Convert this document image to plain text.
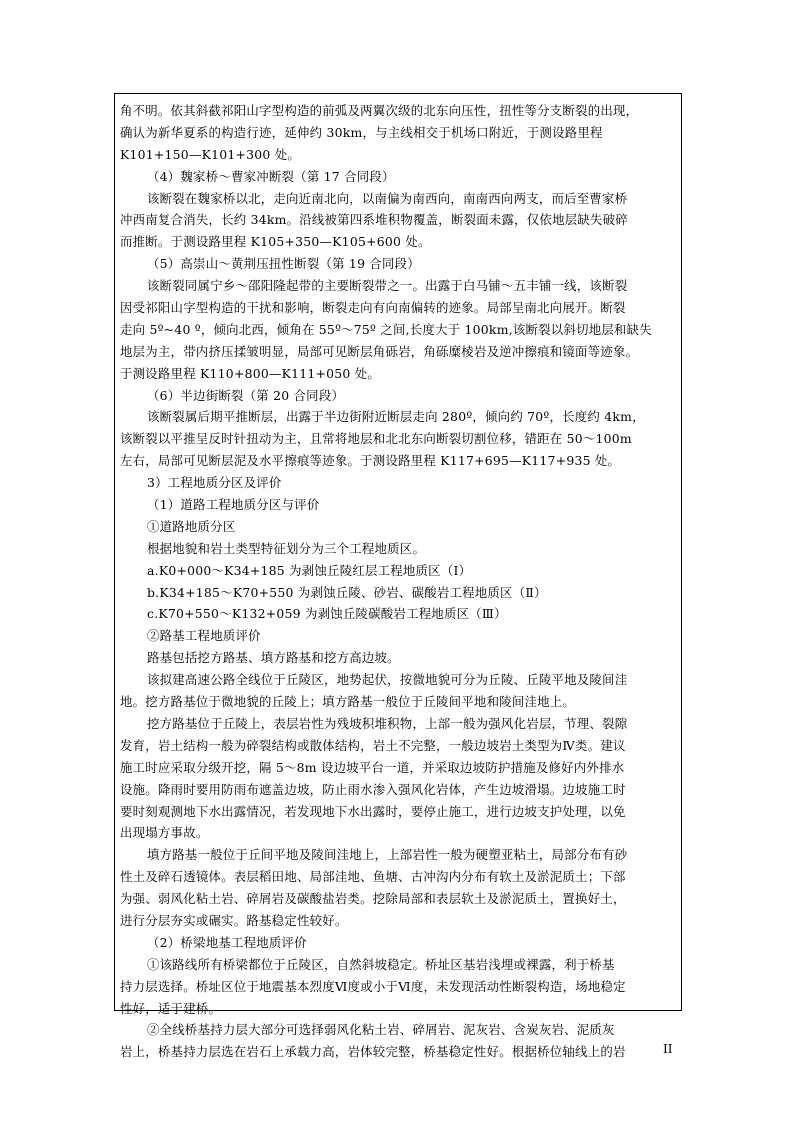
角不明。依其斜截祁阳山字型构造的前弧及两翼次级的北东向压性，扭性等分支断裂的出现，
确认为新华夏系的构造行迹，延伸约 30km，与主线相交于机场口附近，于测设路里程
K101+150—K101+300 处。
（4）魏家桥～曹家冲断裂（第 17 合同段）
该断裂在魏家桥以北，走向近南北向，以南偏为南西向，南南西向两支，而后至曹家桥
冲西南复合消失，长约 34km。沿线被第四系堆积物覆盖，断裂面未露，仅依地层缺失破碎
而推断。于测设路里程 K105+350—K105+600 处。
（5）高崇山～黄荆压扭性断裂（第 19 合同段）
该断裂同属宁乡～邵阳隆起带的主要断裂带之一。出露于白马铺～五丰铺一线，该断裂
因受祁阳山字型构造的干扰和影响，断裂走向有向南偏转的迹象。局部呈南北向展开。断裂
走向 5º~40 º，倾向北西，倾角在 55º～75º 之间,长度大于 100km,该断裂以斜切地层和缺失
地层为主，带内挤压揉皱明显，局部可见断层角砾岩，角砾糜棱岩及逆冲擦痕和镜面等迹象。
于测设路里程 K110+800—K111+050 处。
（6）半边街断裂（第 20 合同段）
该断裂属后期平推断层，出露于半边街附近断层走向 280º，倾向约 70º，长度约 4km，
该断裂以平推呈反时针扭动为主，且常将地层和北北东向断裂切割位移，错距在 50～100m
左右，局部可见断层泥及水平擦痕等迹象。于测设路里程 K117+695—K117+935 处。
3）工程地质分区及评价
（1）道路工程地质分区与评价
①道路地质分区
根据地貌和岩土类型特征划分为三个工程地质区。
a.K0+000～K34+185 为剥蚀丘陵红层工程地质区（Ⅰ）
b.K34+185～K70+550 为剥蚀丘陵、砂岩、碳酸岩工程地质区（Ⅱ）
c.K70+550～K132+059 为剥蚀丘陵碳酸岩工程地质区（Ⅲ）
②路基工程地质评价
路基包括挖方路基、填方路基和挖方高边坡。
该拟建高速公路全线位于丘陵区，地势起伏，按微地貌可分为丘陵、丘陵平地及陵间洼
地。挖方路基位于微地貌的丘陵上；填方路基一般位于丘陵间平地和陵间洼地上。
挖方路基位于丘陵上，表层岩性为残坡积堆积物，上部一般为强风化岩层，节理、裂隙
发育，岩土结构一般为碎裂结构或散体结构，岩土不完整，一般边坡岩土类型为Ⅳ类。建议
施工时应采取分级开挖，隔 5～8m 设边坡平台一道，并采取边坡防护措施及修好内外排水
设施。降雨时要用防雨布遮盖边坡，防止雨水渗入强风化岩体，产生边坡滑塌。边坡施工时
要时刻观测地下水出露情况，若发现地下水出露时，要停止施工，进行边坡支护处理，以免
出现塌方事故。
填方路基一般位于丘间平地及陵间洼地上，上部岩性一般为硬塑亚粘土，局部分布有砂
性土及碎石透镜体。表层稻田地、局部洼地、鱼塘、古冲沟内分布有软土及淤泥质土；下部
为强、弱风化粘土岩、碎屑岩及碳酸盐岩类。挖除局部和表层软土及淤泥质土，置换好土，
进行分层夯实或碾实。路基稳定性较好。
（2）桥梁地基工程地质评价
①该路线所有桥梁都位于丘陵区，自然斜坡稳定。桥址区基岩浅埋或裸露，利于桥基
持力层选择。桥址区位于地震基本烈度Ⅵ度或小于Ⅵ度，未发现活动性断裂构造，场地稳定
性好，适于建桥。
②全线桥基持力层大部分可选择弱风化粘土岩、碎屑岩、泥灰岩、含炭灰岩、泥质灰
岩上，桥基持力层选在岩石上承载力高，岩体较完整，桥基稳定性好。根据桥位轴线上的岩	II
